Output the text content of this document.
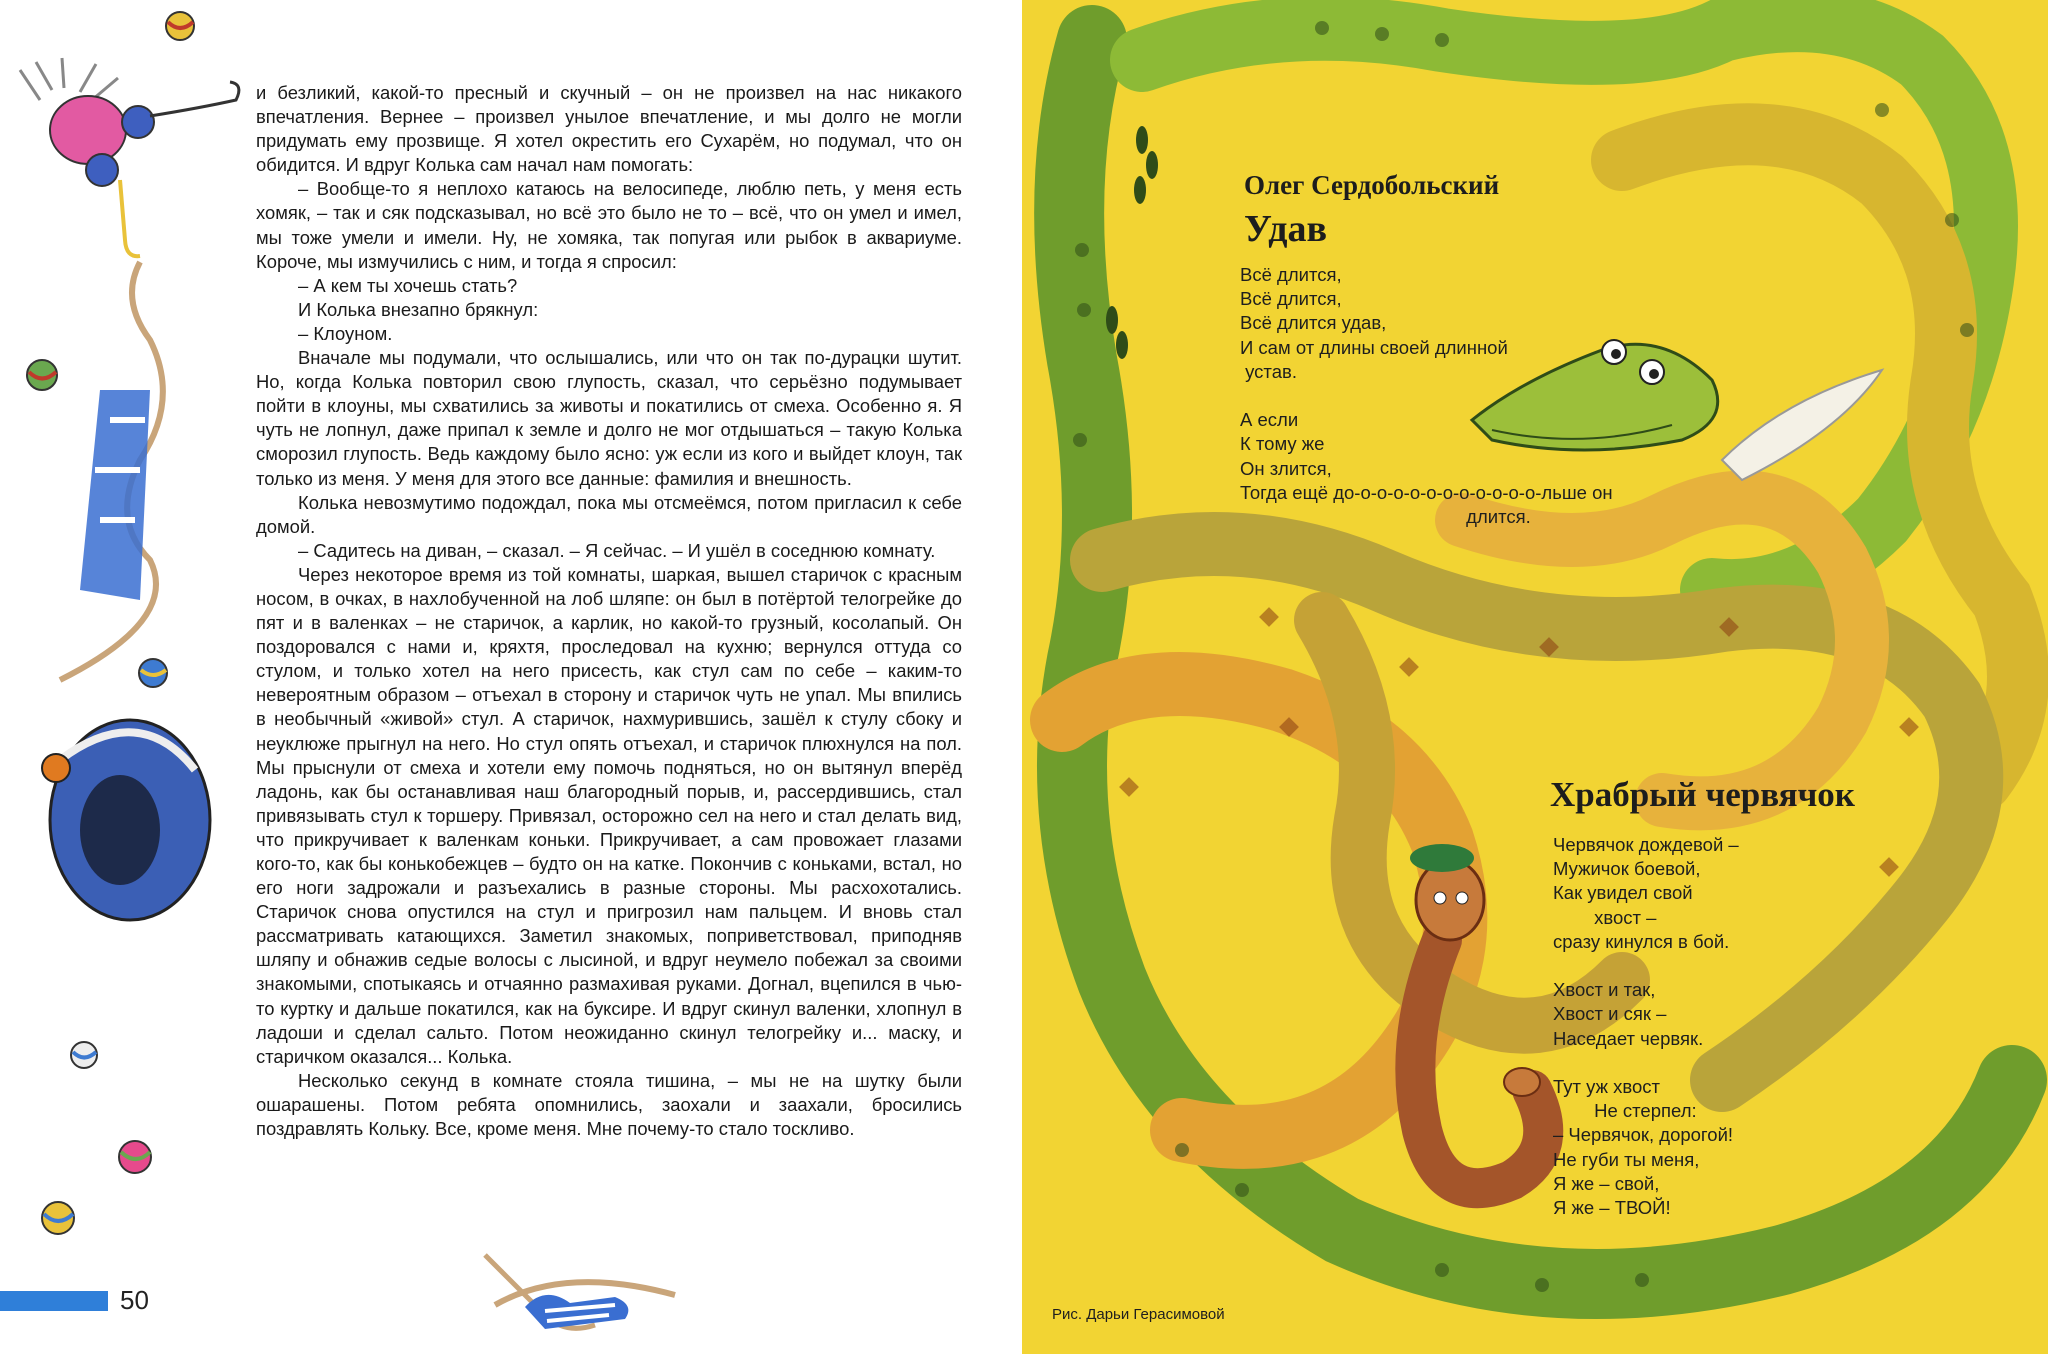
и безликий, какой-то пресный и скучный – он не произвел на нас никакого впечатления. Вернее – произвел унылое впечатление, и мы долго не могли придумать ему прозвище. Я хотел окрестить его Сухарём, но подумал, что он обидится. И вдруг Колька сам начал нам помогать:

– Вообще-то я неплохо катаюсь на велосипеде, люблю петь, у меня есть хомяк, – так и сяк подсказывал, но всё это было не то – всё, что он умел и имел, мы тоже умели и имели. Ну, не хомяка, так попугая или рыбок в аквариуме. Короче, мы измучились с ним, и тогда я спросил:

– А кем ты хочешь стать?

И Колька внезапно брякнул:

– Клоуном.

Вначале мы подумали, что ослышались, или что он так по-дурацки шутит. Но, когда Колька повторил свою глупость, сказал, что серьёзно подумывает пойти в клоуны, мы схватились за животы и покатились от смеха. Особенно я. Я чуть не лопнул, даже припал к земле и долго не мог отдышаться – такую Колька сморозил глупость. Ведь каждому было ясно: уж если из кого и выйдет клоун, так только из меня. У меня для этого все данные: фамилия и внешность.

Колька невозмутимо подождал, пока мы отсмеёмся, потом пригласил к себе домой.

– Садитесь на диван, – сказал. – Я сейчас. – И ушёл в соседнюю комнату.

Через некоторое время из той комнаты, шаркая, вышел старичок с красным носом, в очках, в нахлобученной на лоб шляпе: он был в потёртой телогрейке до пят и в валенках – не старичок, а карлик, но какой-то грузный, косолапый. Он поздоровался с нами и, кряхтя, проследовал на кухню; вернулся оттуда со стулом, и только хотел на него присесть, как стул сам по себе – каким-то невероятным образом – отъехал в сторону и старичок чуть не упал. Мы впились в необычный «живой» стул. А старичок, нахмурившись, зашёл к стулу сбоку и неуклюже прыгнул на него. Но стул опять отъехал, и старичок плюхнулся на пол. Мы прыснули от смеха и хотели ему помочь подняться, но он вытянул вперёд ладонь, как бы останавливая наш благородный порыв, и, рассердившись, стал привязывать стул к торшеру. Привязал, осторожно сел на него и стал делать вид, что прикручивает к валенкам коньки. Прикручивает, а сам провожает глазами кого-то, как бы конькобежцев – будто он на катке. Покончив с коньками, встал, но его ноги задрожали и разъехались в разные стороны. Мы расхохотались. Старичок снова опустился на стул и пригрозил нам пальцем. И вновь стал рассматривать катающихся. Заметил знакомых, поприветствовал, приподняв шляпу и обнажив седые волосы с лысиной, и вдруг неумело побежал за своими знакомыми, спотыкаясь и отчаянно размахивая руками. Догнал, вцепился в чью-то куртку и дальше покатился, как на буксире. И вдруг скинул валенки, хлопнул в ладоши и сделал сальто. Потом неожиданно скинул телогрейку и... маску, и старичком оказался... Колька.

Несколько секунд в комнате стояла тишина, – мы не на шутку были ошарашены. Потом ребята опомнились, заохали и заахали, бросились поздравлять Кольку. Все, кроме меня. Мне почему-то стало тоскливо.

50
Олег Сердобольский
Удав
Всё длится,
Всё длится,
Всё длится удав,
И сам от длины своей длинной
устав.

А если
К тому же
Он злится,
Тогда ещё до-о-о-о-о-о-о-о-о-о-о-о-льше он
длится.
Храбрый червячок
Червячок дождевой –
Мужичок боевой,
Как увидел свой
хвост –
сразу кинулся в бой.

Хвост и так,
Хвост и сяк –
Наседает червяк.

Тут уж хвост
Не стерпел:
– Червячок, дорогой!
Не губи ты меня,
Я же – свой,
Я же – ТВОЙ!
Рис. Дарьи Герасимовой
